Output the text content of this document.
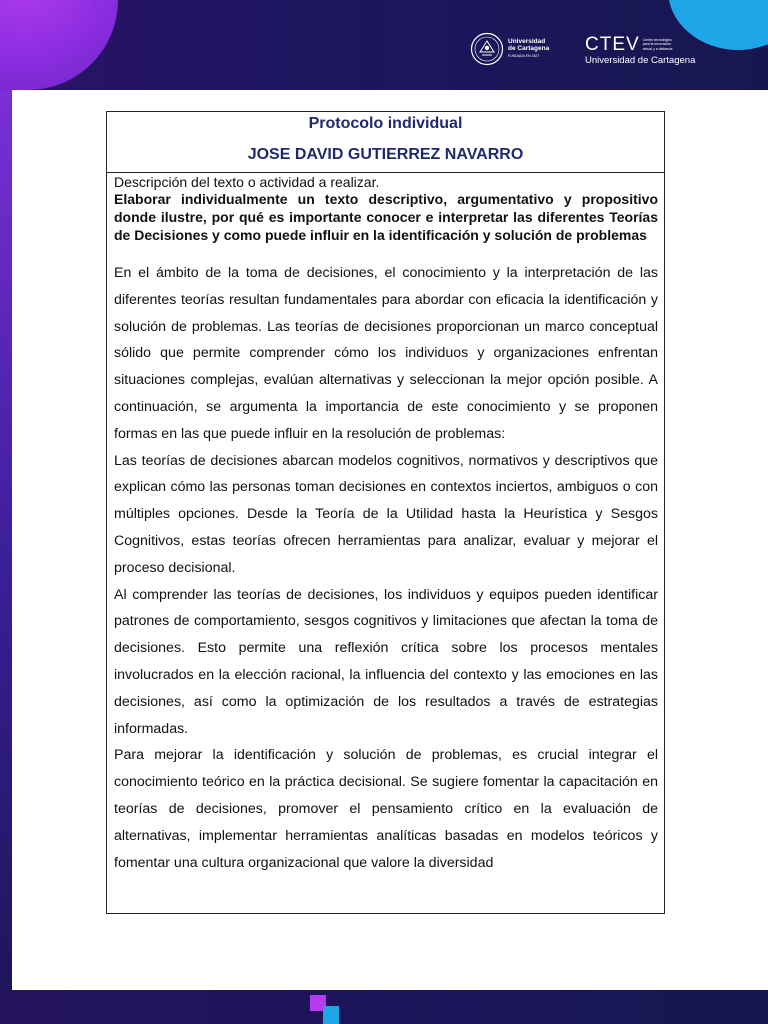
Universidad
de Cartagena
FUNDADA EN 1827
CTEV Centro tecnológico
para la innovación
virtual y a distancia
Universidad de Cartagena
Protocolo individual
JOSE DAVID GUTIERREZ NAVARRO
Descripción del texto o actividad a realizar.
Elaborar individualmente un texto descriptivo, argumentativo y propositivo donde ilustre, por qué es importante conocer e interpretar las diferentes Teorías de Decisiones y como puede influir en la identificación y solución de problemas

En el ámbito de la toma de decisiones, el conocimiento y la interpretación de las diferentes teorías resultan fundamentales para abordar con eficacia la identificación y solución de problemas. Las teorías de decisiones proporcionan un marco conceptual sólido que permite comprender cómo los individuos y organizaciones enfrentan situaciones complejas, evalúan alternativas y seleccionan la mejor opción posible. A continuación, se argumenta la importancia de este conocimiento y se proponen formas en las que puede influir en la resolución de problemas:

Las teorías de decisiones abarcan modelos cognitivos, normativos y descriptivos que explican cómo las personas toman decisiones en contextos inciertos, ambiguos o con múltiples opciones. Desde la Teoría de la Utilidad hasta la Heurística y Sesgos Cognitivos, estas teorías ofrecen herramientas para analizar, evaluar y mejorar el proceso decisional.

Al comprender las teorías de decisiones, los individuos y equipos pueden identificar patrones de comportamiento, sesgos cognitivos y limitaciones que afectan la toma de decisiones. Esto permite una reflexión crítica sobre los procesos mentales involucrados en la elección racional, la influencia del contexto y las emociones en las decisiones, así como la optimización de los resultados a través de estrategias informadas.

Para mejorar la identificación y solución de problemas, es crucial integrar el conocimiento teórico en la práctica decisional. Se sugiere fomentar la capacitación en teorías de decisiones, promover el pensamiento crítico en la evaluación de alternativas, implementar herramientas analíticas basadas en modelos teóricos y fomentar una cultura organizacional que valore la diversidad
